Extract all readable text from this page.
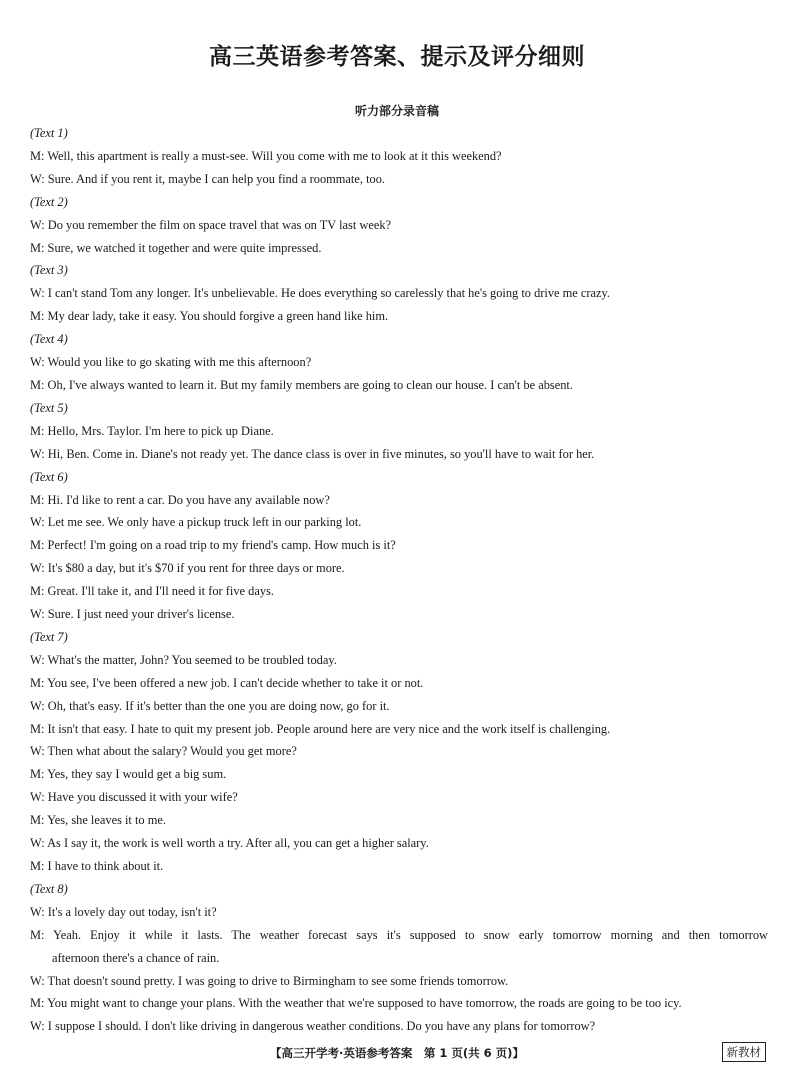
高三英语参考答案、提示及评分细则
听力部分录音稿
(Text 1)
M: Well, this apartment is really a must-see. Will you come with me to look at it this weekend?
W: Sure. And if you rent it, maybe I can help you find a roommate, too.
(Text 2)
W: Do you remember the film on space travel that was on TV last week?
M: Sure, we watched it together and were quite impressed.
(Text 3)
W: I can't stand Tom any longer. It's unbelievable. He does everything so carelessly that he's going to drive me crazy.
M: My dear lady, take it easy. You should forgive a green hand like him.
(Text 4)
W: Would you like to go skating with me this afternoon?
M: Oh, I've always wanted to learn it. But my family members are going to clean our house. I can't be absent.
(Text 5)
M: Hello, Mrs. Taylor. I'm here to pick up Diane.
W: Hi, Ben. Come in. Diane's not ready yet. The dance class is over in five minutes, so you'll have to wait for her.
(Text 6)
M: Hi. I'd like to rent a car. Do you have any available now?
W: Let me see. We only have a pickup truck left in our parking lot.
M: Perfect! I'm going on a road trip to my friend's camp. How much is it?
W: It's $80 a day, but it's $70 if you rent for three days or more.
M: Great. I'll take it, and I'll need it for five days.
W: Sure. I just need your driver's license.
(Text 7)
W: What's the matter, John? You seemed to be troubled today.
M: You see, I've been offered a new job. I can't decide whether to take it or not.
W: Oh, that's easy. If it's better than the one you are doing now, go for it.
M: It isn't that easy. I hate to quit my present job. People around here are very nice and the work itself is challenging.
W: Then what about the salary? Would you get more?
M: Yes, they say I would get a big sum.
W: Have you discussed it with your wife?
M: Yes, she leaves it to me.
W: As I say it, the work is well worth a try. After all, you can get a higher salary.
M: I have to think about it.
(Text 8)
W: It's a lovely day out today, isn't it?
M: Yeah. Enjoy it while it lasts. The weather forecast says it's supposed to snow early tomorrow morning and then tomorrow
afternoon there's a chance of rain.
W: That doesn't sound pretty. I was going to drive to Birmingham to see some friends tomorrow.
M: You might want to change your plans. With the weather that we're supposed to have tomorrow, the roads are going to be too icy.
W: I suppose I should. I don't like driving in dangerous weather conditions. Do you have any plans for tomorrow?
【高三开学考·英语参考答案　第 1 页(共 6 页)】	新教材
